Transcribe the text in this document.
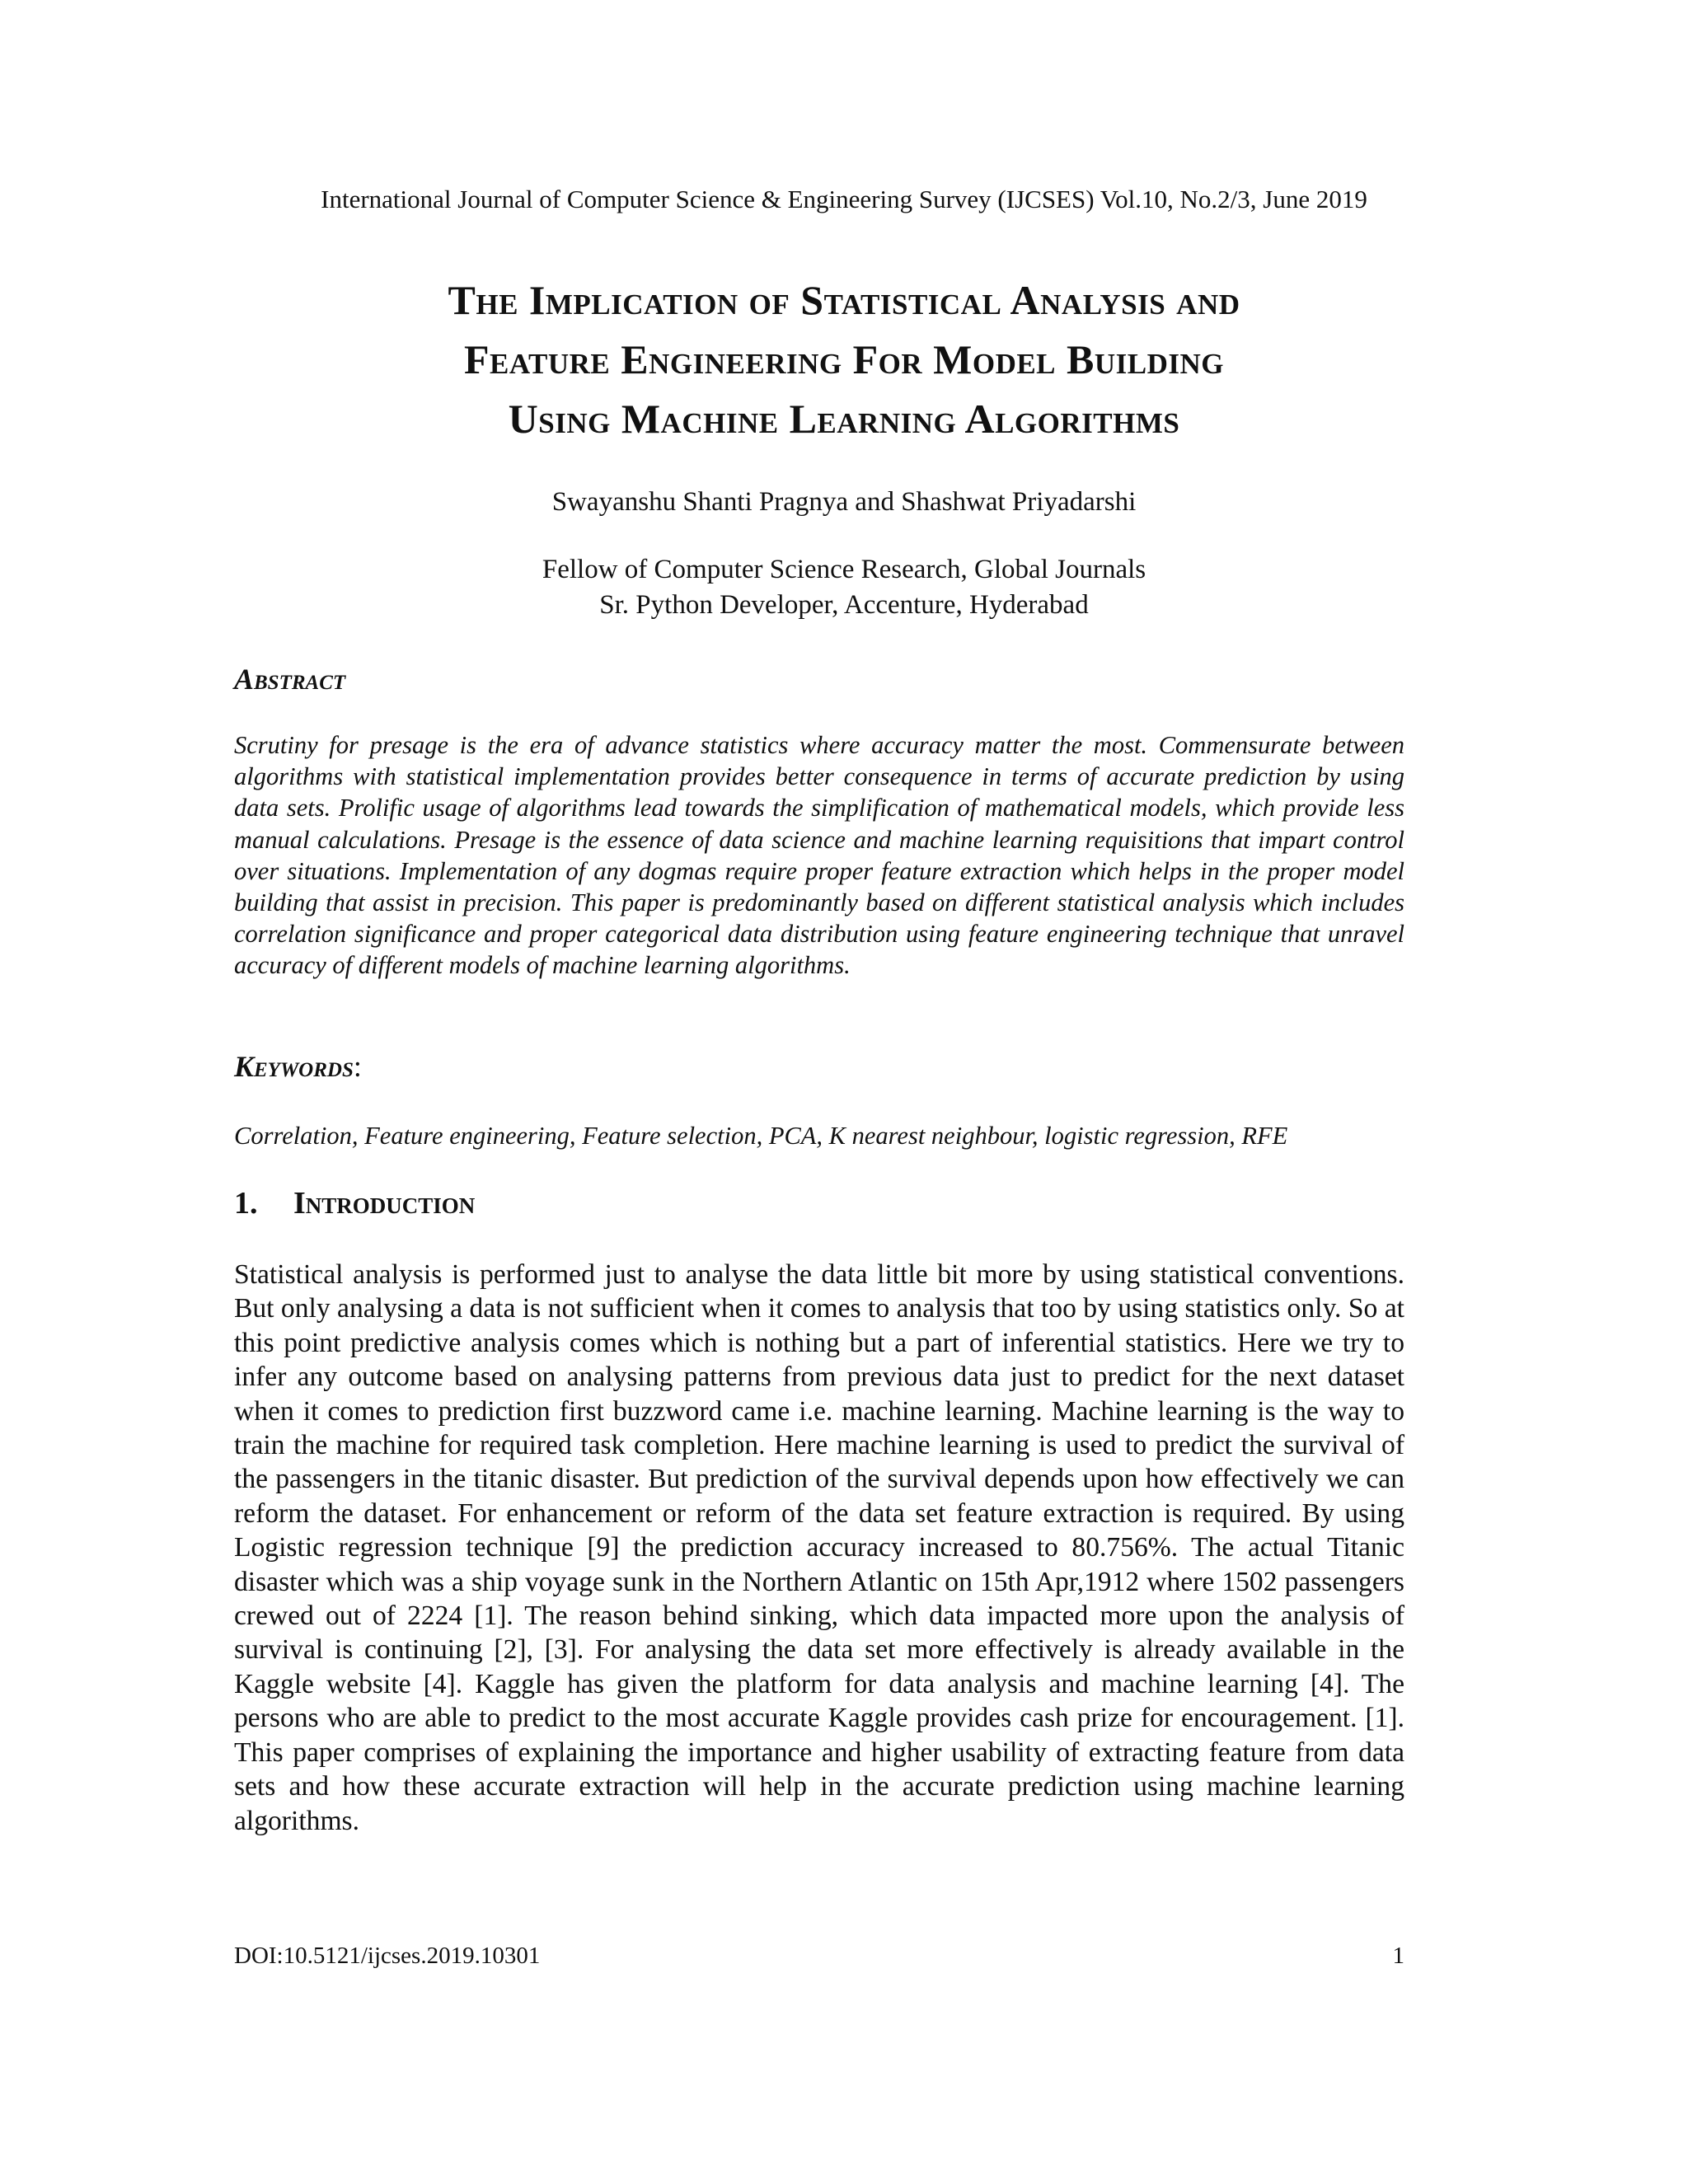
International Journal of Computer Science & Engineering Survey (IJCSES) Vol.10, No.2/3, June 2019
The Implication of Statistical Analysis and
Feature Engineering For Model Building
Using Machine Learning Algorithms
Swayanshu Shanti Pragnya and Shashwat Priyadarshi
Fellow of Computer Science Research, Global Journals
Sr. Python Developer, Accenture, Hyderabad
Abstract
Scrutiny for presage is the era of advance statistics where accuracy matter the most. Commensurate between algorithms with statistical implementation provides better consequence in terms of accurate prediction by using data sets. Prolific usage of algorithms lead towards the simplification of mathematical models, which provide less manual calculations. Presage is the essence of data science and machine learning requisitions that impart control over situations. Implementation of any dogmas require proper feature extraction which helps in the proper model building that assist in precision. This paper is predominantly based on different statistical analysis which includes correlation significance and proper categorical data distribution using feature engineering technique that unravel accuracy of different models of machine learning algorithms.
Keywords:
Correlation, Feature engineering, Feature selection, PCA, K nearest neighbour, logistic regression, RFE
1. Introduction
Statistical analysis is performed just to analyse the data little bit more by using statistical conventions. But only analysing a data is not sufficient when it comes to analysis that too by using statistics only. So at this point predictive analysis comes which is nothing but a part of inferential statistics. Here we try to infer any outcome based on analysing patterns from previous data just to predict for the next dataset when it comes to prediction first buzzword came i.e. machine learning. Machine learning is the way to train the machine for required task completion. Here machine learning is used to predict the survival of the passengers in the titanic disaster. But prediction of the survival depends upon how effectively we can reform the dataset. For enhancement or reform of the data set feature extraction is required. By using Logistic regression technique [9] the prediction accuracy increased to 80.756%. The actual Titanic disaster which was a ship voyage sunk in the Northern Atlantic on 15th Apr,1912 where 1502 passengers crewed out of 2224 [1]. The reason behind sinking, which data impacted more upon the analysis of survival is continuing [2], [3]. For analysing the data set more effectively is already available in the Kaggle website [4]. Kaggle has given the platform for data analysis and machine learning [4]. The persons who are able to predict to the most accurate Kaggle provides cash prize for encouragement. [1]. This paper comprises of explaining the importance and higher usability of extracting feature from data sets and how these accurate extraction will help in the accurate prediction using machine learning algorithms.
DOI:10.5121/ijcses.2019.10301	1
